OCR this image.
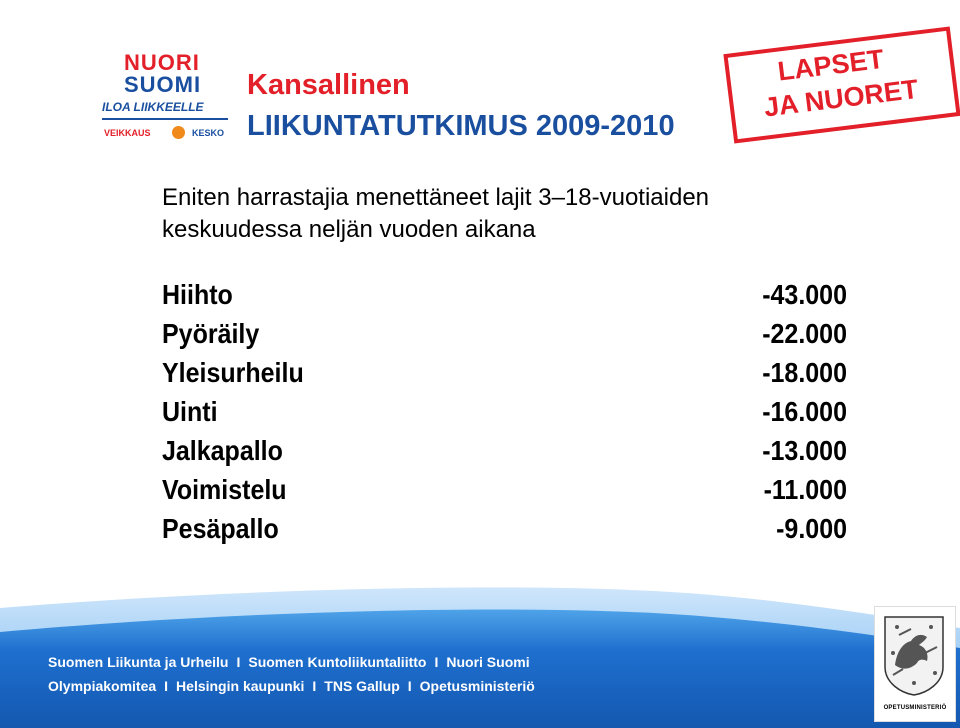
NUORI
SUOMI
ILOA LIIKKEELLE
VEIKKAUS	KESKO
Kansallinen
LIIKUNTATUTKIMUS 2009-2010
LAPSET
JA NUORET
Eniten harrastajia menettäneet lajit 3–18-vuotiaiden
keskuudessa neljän vuoden aikana
Hiihto	-43.000
Pyöräily	-22.000
Yleisurheilu	-18.000
Uinti	-16.000
Jalkapallo	-13.000
Voimistelu	-11.000
Pesäpallo	-9.000
Suomen Liikunta ja Urheilu I Suomen Kuntoliikuntaliitto I Nuori Suomi
Olympiakomitea I Helsingin kaupunki I TNS Gallup I Opetusministeriö
OPETUSMINISTERIÖ
